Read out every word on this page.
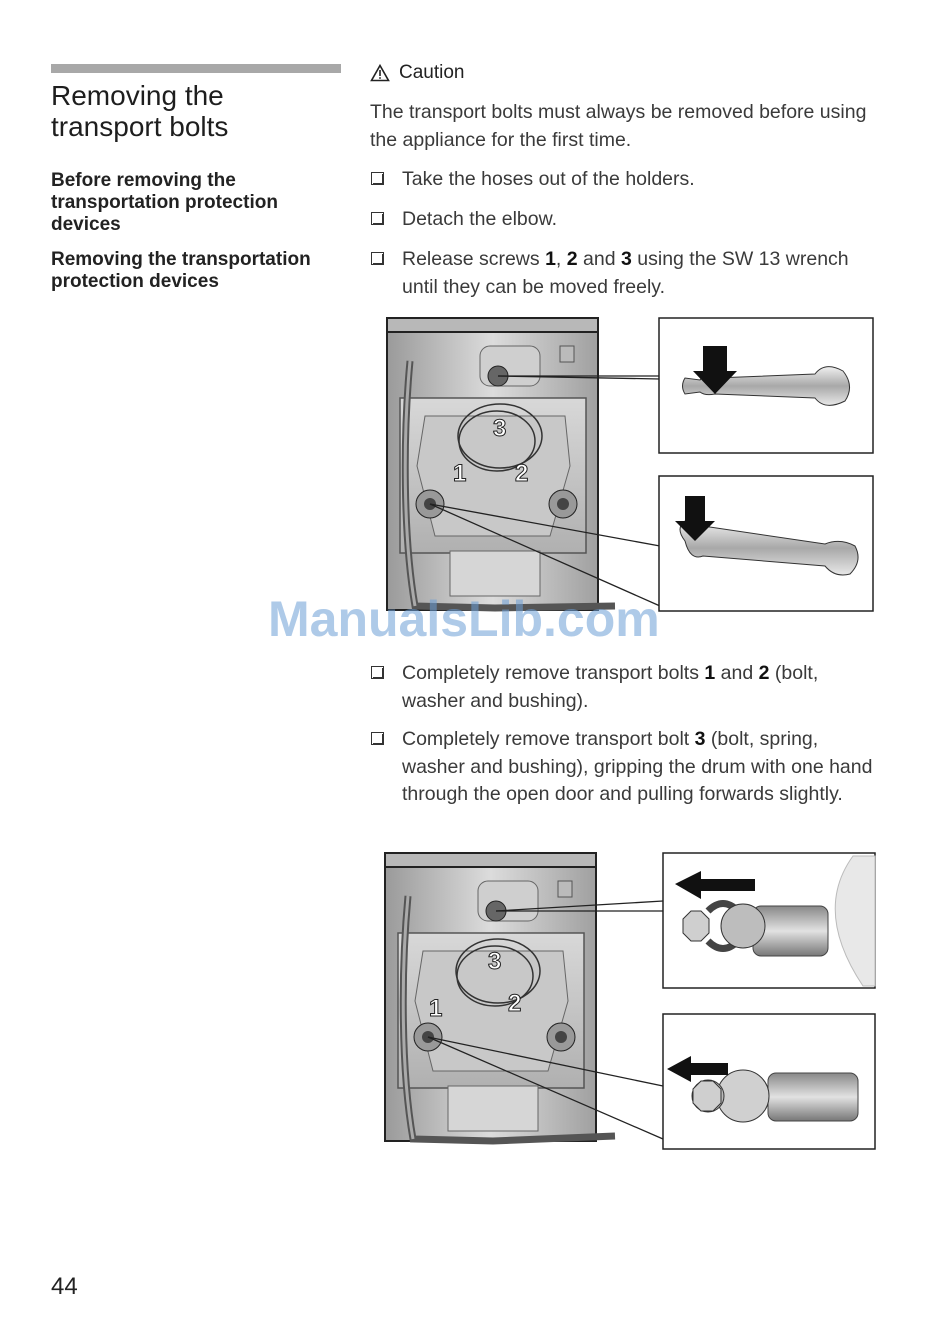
Removing the
transport bolts
Before removing the transportation protection devices
Removing the transportation protection devices
Caution
The transport bolts must always be removed before using the appliance for the first time.
Take the hoses out of the holders.
Detach the elbow.
Release screws 1, 2 and 3 using the SW 13 wrench until they can be moved freely.
3
1 2
ManualsLib.com
Completely remove transport bolts 1 and 2 (bolt, washer and bushing).
Completely remove transport bolt 3 (bolt, spring, washer and bushing), gripping the drum with one hand through the open door and pulling forwards slightly.
3
1	2
44
